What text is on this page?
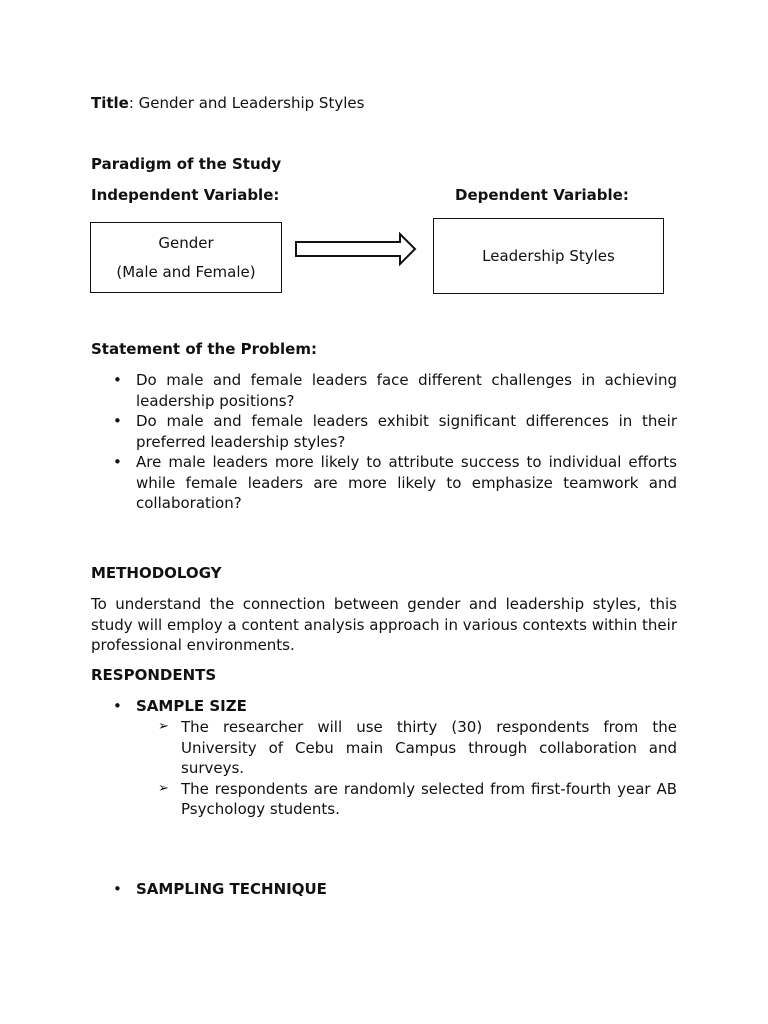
Title: Gender and Leadership Styles
Paradigm of the Study
Independent Variable:	Dependent Variable:
Gender
(Male and Female)
Leadership Styles
Statement of the Problem:
• Do male and female leaders face different challenges in achieving leadership positions?
• Do male and female leaders exhibit significant differences in their preferred leadership styles?
• Are male leaders more likely to attribute success to individual efforts while female leaders are more likely to emphasize teamwork and collaboration?
METHODOLOGY
To understand the connection between gender and leadership styles, this study will employ a content analysis approach in various contexts within their professional environments.
RESPONDENTS
• SAMPLE SIZE
➢ The researcher will use thirty (30) respondents from the University of Cebu main Campus through collaboration and surveys.
➢ The respondents are randomly selected from first-fourth year AB Psychology students.
• SAMPLING TECHNIQUE
